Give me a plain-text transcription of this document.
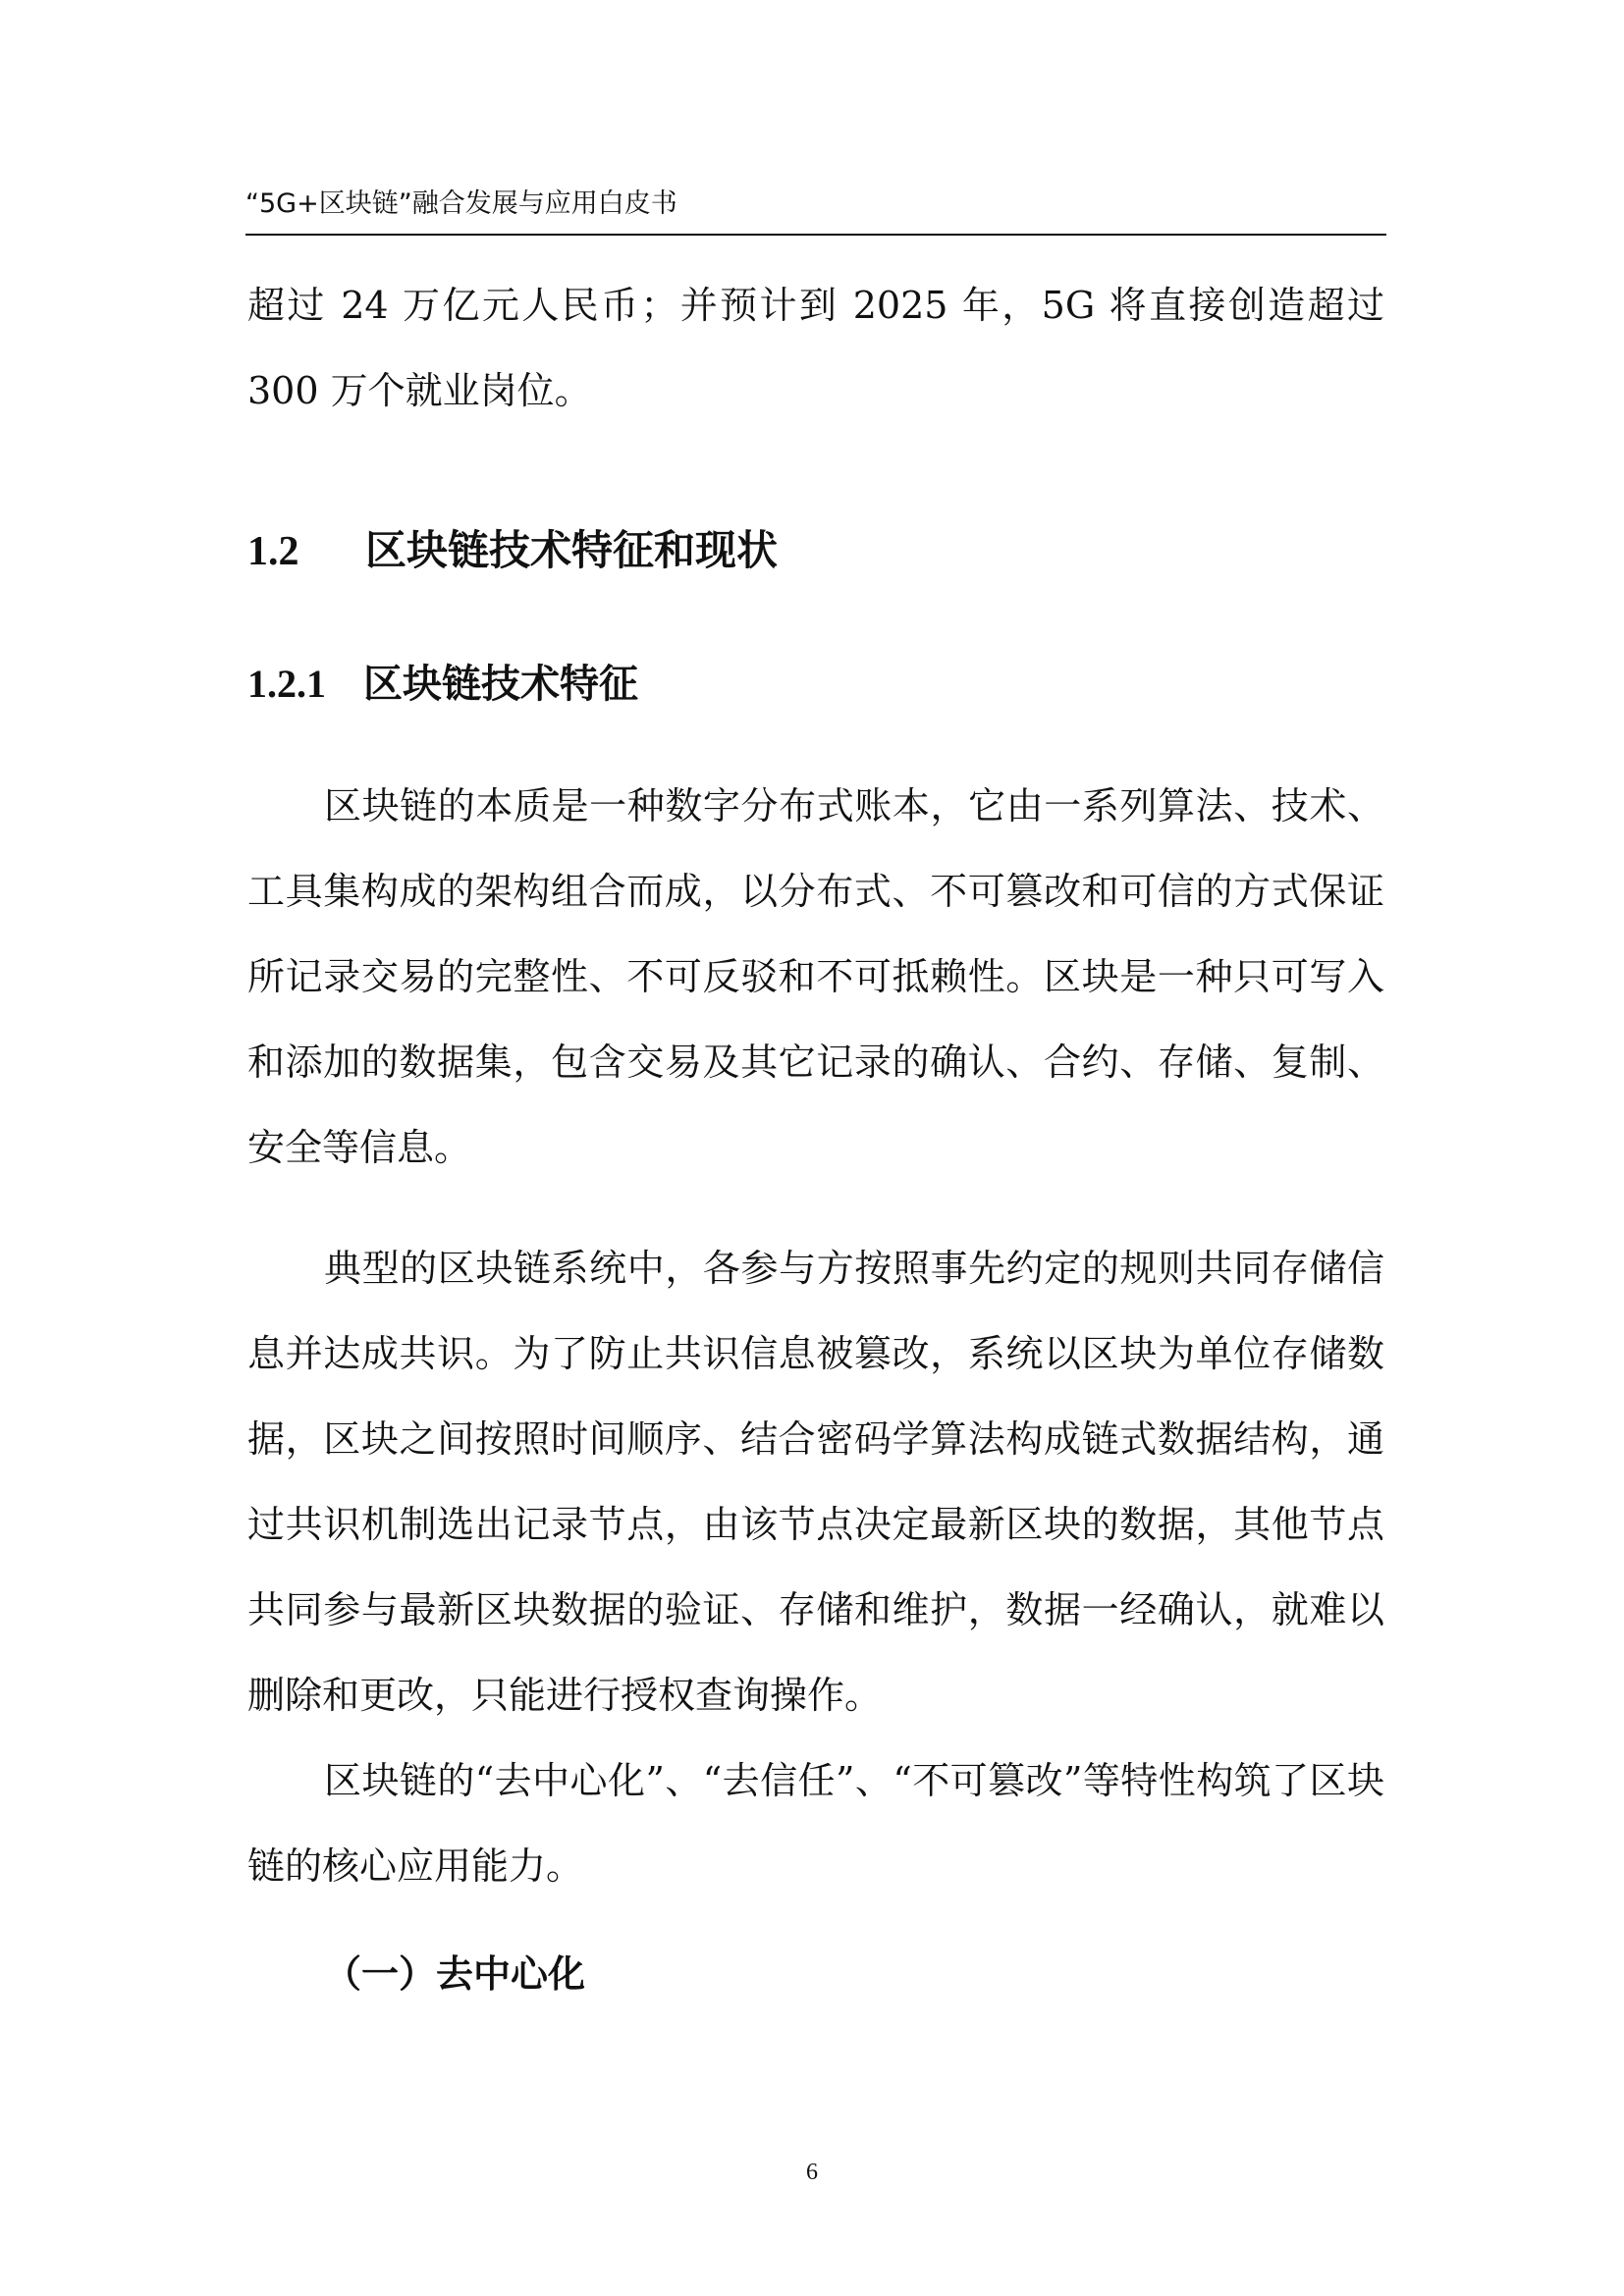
“5G+区块链”融合发展与应用白皮书

超过 24 万亿元人民币；并预计到 2025 年，5G 将直接创造超过 300 万个就业岗位。

1.2	区块链技术特征和现状
1.2.1 区块链技术特征

区块链的本质是一种数字分布式账本，它由一系列算法、技术、工具集构成的架构组合而成，以分布式、不可篡改和可信的方式保证所记录交易的完整性、不可反驳和不可抵赖性。区块是一种只可写入和添加的数据集，包含交易及其它记录的确认、合约、存储、复制、安全等信息。

典型的区块链系统中，各参与方按照事先约定的规则共同存储信息并达成共识。为了防止共识信息被篡改，系统以区块为单位存储数据，区块之间按照时间顺序、结合密码学算法构成链式数据结构，通过共识机制选出记录节点，由该节点决定最新区块的数据，其他节点共同参与最新区块数据的验证、存储和维护，数据一经确认，就难以删除和更改，只能进行授权查询操作。

区块链的“去中心化”、“去信任”、“不可篡改”等特性构筑了区块链的核心应用能力。

（一）去中心化
6
